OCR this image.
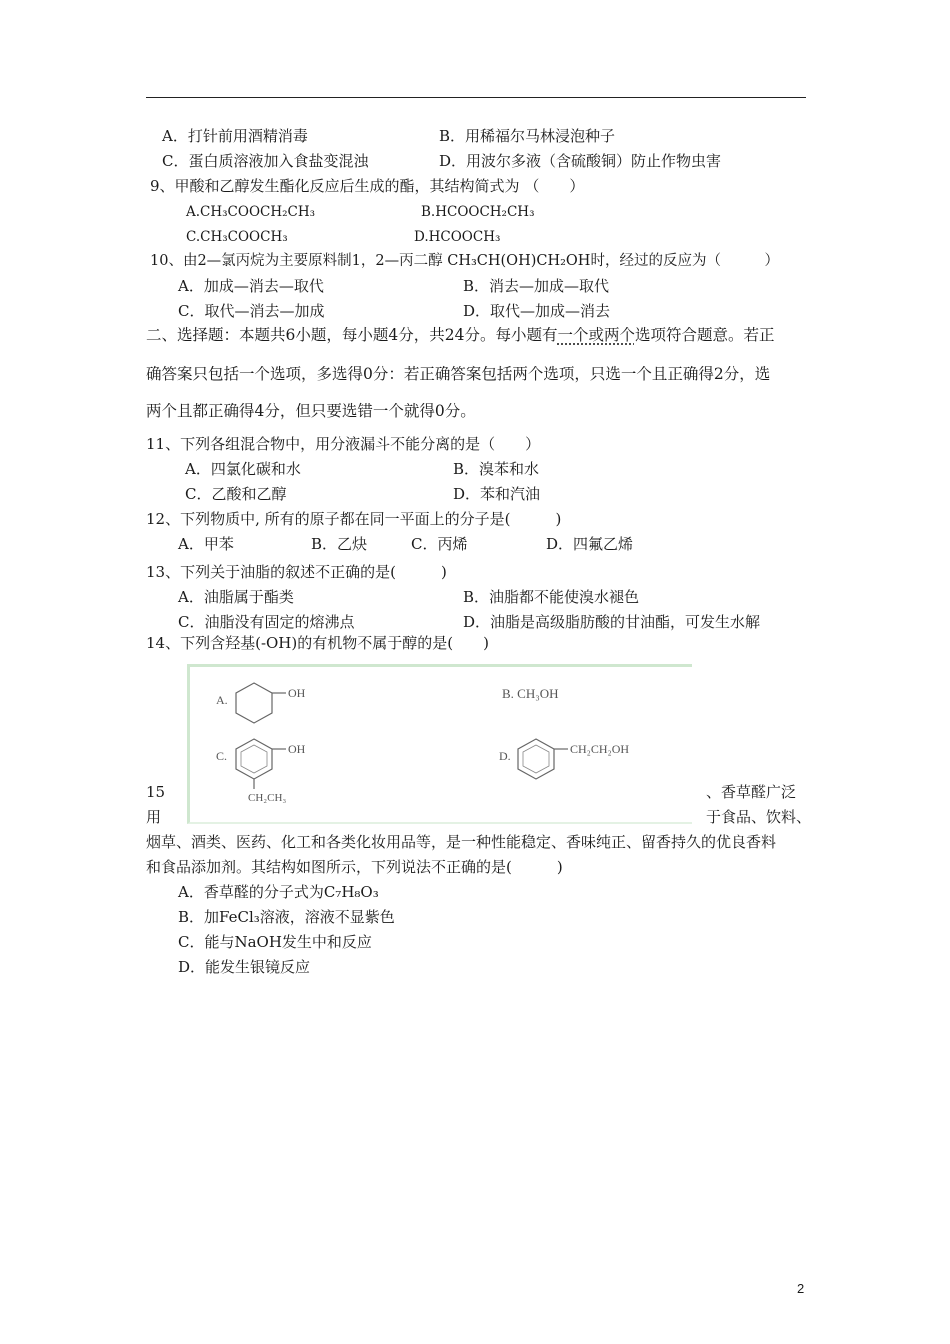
A．打针前用酒精消毒	B．用稀福尔马林浸泡种子
C．蛋白质溶液加入食盐变混浊	D．用波尔多液（含硫酸铜）防止作物虫害
9、甲酸和乙醇发生酯化反应后生成的酯，其结构简式为 （　　）
A.CH₃COOCH₂CH₃	B.HCOOCH₂CH₃
C.CH₃COOCH₃	D.HCOOCH₃
10、由2—氯丙烷为主要原料制1，2—丙二醇 CH₃CH(OH)CH₂OH时，经过的反应为（　　　）
A．加成—消去—取代	B．消去—加成—取代
C．取代—消去—加成	D．取代—加成—消去
二、选择题：本题共6小题，每小题4分，共24分。每小题有一个或两个选项符合题意。若正
确答案只包括一个选项，多选得0分：若正确答案包括两个选项，只选一个且正确得2分，选
两个且都正确得4分，但只要选错一个就得0分。
11、下列各组混合物中，用分液漏斗不能分离的是（　　）
A．四氯化碳和水	B．溴苯和水
C．乙酸和乙醇	D．苯和汽油
12、下列物质中, 所有的原子都在同一平面上的分子是(　　　)
A．甲苯	B．乙炔	C．丙烯	D．四氟乙烯
13、下列关于油脂的叙述不正确的是(　　　)
A．油脂属于酯类	B．油脂都不能使溴水褪色
C．油脂没有固定的熔沸点	D．油脂是高级脂肪酸的甘油酯，可发生水解
14、下列含羟基(-OH)的有机物不属于醇的是(　　)
15	、香草醛广泛
用	于食品、饮料、
烟草、酒类、医药、化工和各类化妆用品等，是一种性能稳定、香味纯正、留香持久的优良香料
和食品添加剂。其结构如图所示，下列说法不正确的是(　　　)
A．香草醛的分子式为C₇H₈O₃
B．加FeCl₃溶液，溶液不显紫色
C．能与NaOH发生中和反应
D．能发生银镜反应
A.	OH	B. CH₃OH
C.	OH
CH₂CH₃
D.	CH₂CH₂OH
2
